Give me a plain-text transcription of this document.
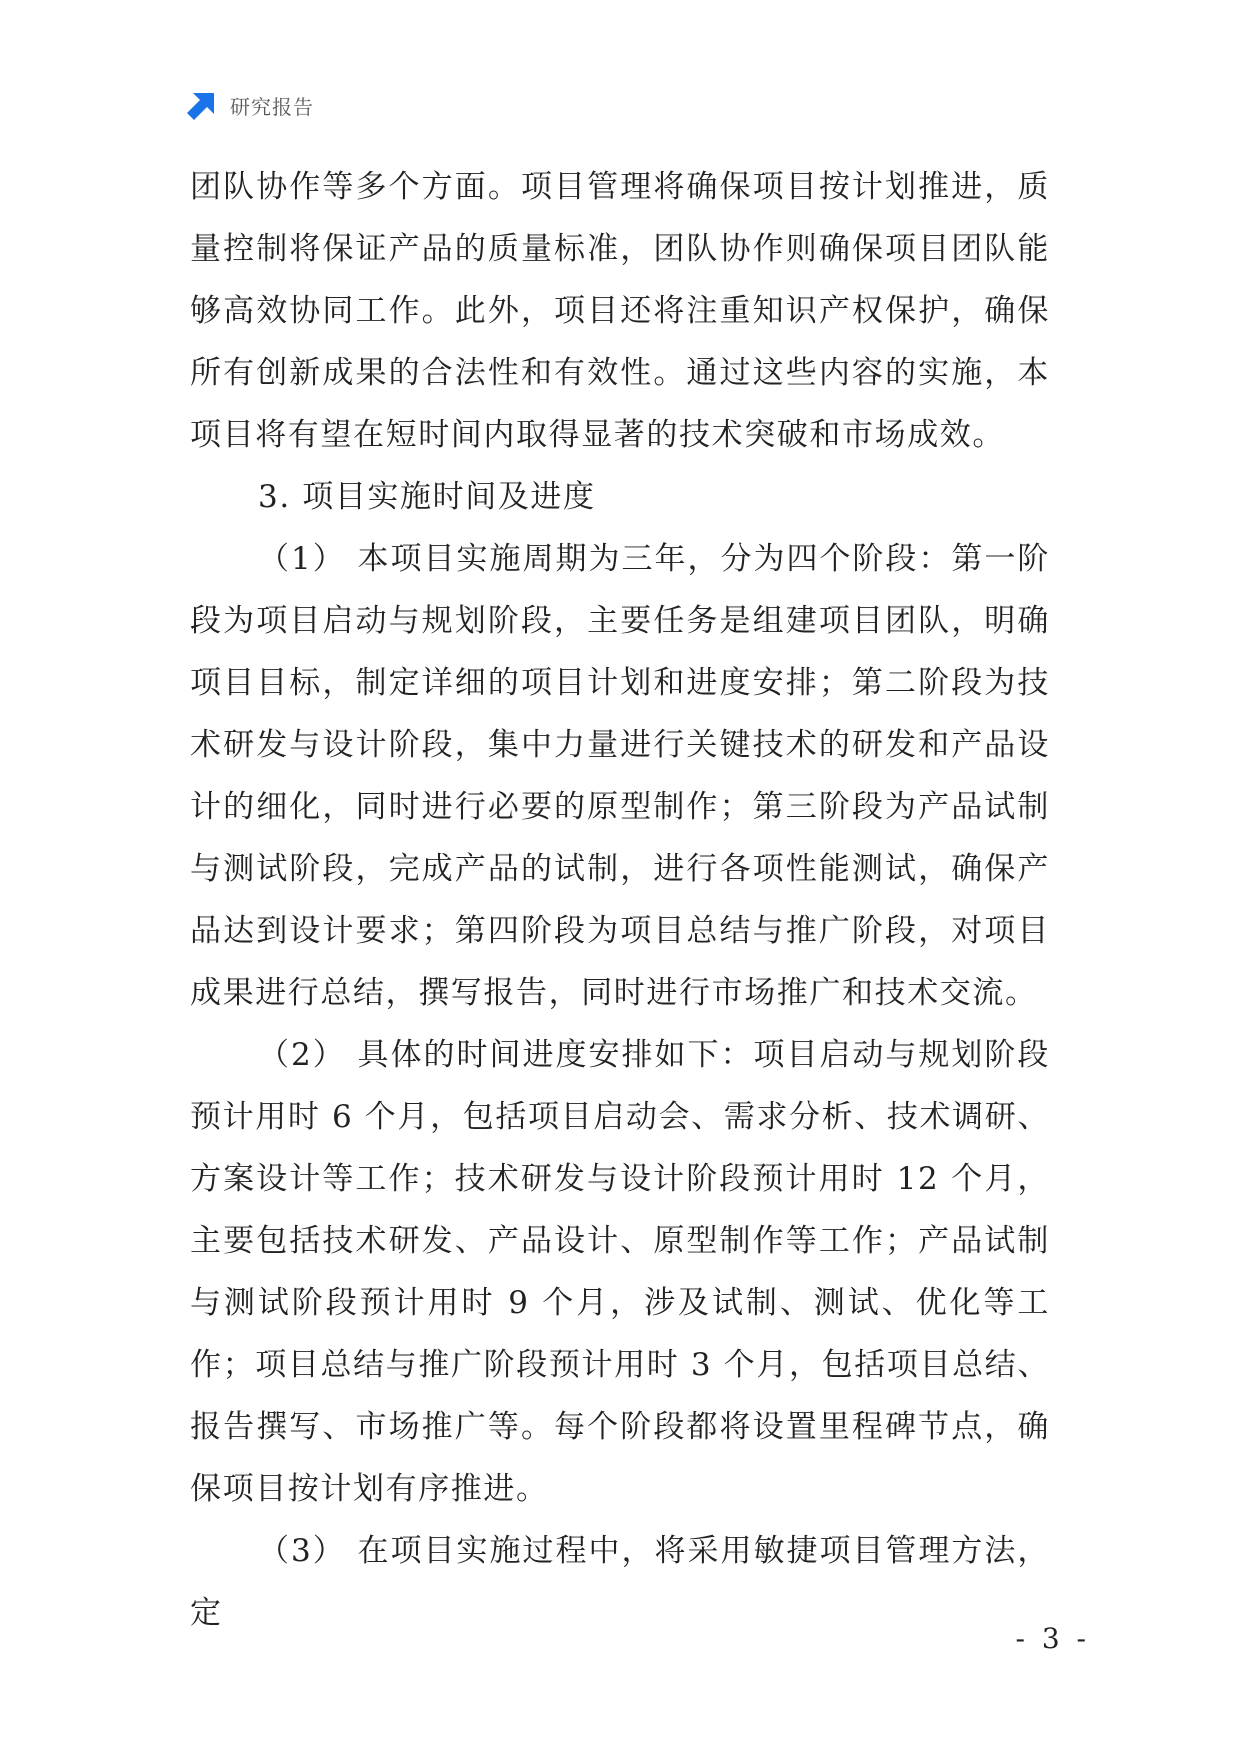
研究报告

团队协作等多个方面。项目管理将确保项目按计划推进，质量控制将保证产品的质量标准，团队协作则确保项目团队能够高效协同工作。此外，项目还将注重知识产权保护，确保所有创新成果的合法性和有效性。通过这些内容的实施，本项目将有望在短时间内取得显著的技术突破和市场成效。

3. 项目实施时间及进度

（1） 本项目实施周期为三年，分为四个阶段：第一阶段为项目启动与规划阶段，主要任务是组建项目团队，明确项目目标，制定详细的项目计划和进度安排；第二阶段为技术研发与设计阶段，集中力量进行关键技术的研发和产品设计的细化，同时进行必要的原型制作；第三阶段为产品试制与测试阶段，完成产品的试制，进行各项性能测试，确保产品达到设计要求；第四阶段为项目总结与推广阶段，对项目成果进行总结，撰写报告，同时进行市场推广和技术交流。

（2） 具体的时间进度安排如下：项目启动与规划阶段预计用时 6 个月，包括项目启动会、需求分析、技术调研、方案设计等工作；技术研发与设计阶段预计用时 12 个月，主要包括技术研发、产品设计、原型制作等工作；产品试制与测试阶段预计用时 9 个月，涉及试制、测试、优化等工作；项目总结与推广阶段预计用时 3 个月，包括项目总结、报告撰写、市场推广等。每个阶段都将设置里程碑节点，确保项目按计划有序推进。

（3） 在项目实施过程中，将采用敏捷项目管理方法，定

- 3 -
